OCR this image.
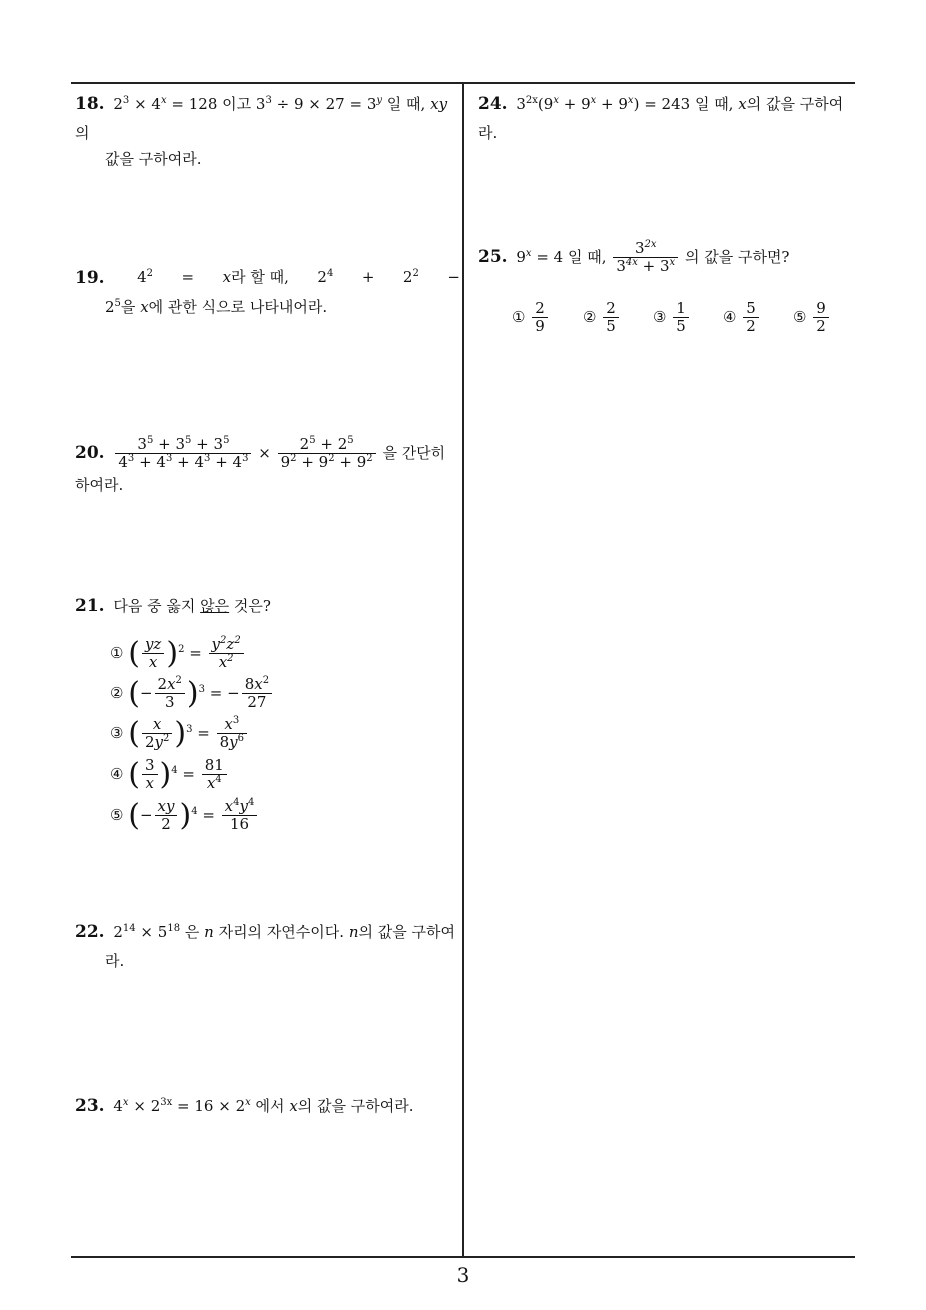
18. $2^3 \times 4^x = 128$ 이고 $3^3 \div 9 \times 27 = 3^y$ 일 때, xy 의
값을 구하여라.
19. $4^2 = x$라 할 때, $2^4 + 2^2$ −
$2^5$을 x에 관한 식으로 나타내어라.
20. $\frac{3^5 + 3^5 + 3^5}{4^3 + 4^3 + 4^3 + 4^3} \times \frac{2^5 + 2^5}{9^2 + 9^2 + 9^2}$ 을 간단히 하여라.
21. 다음 중 옳지 않은 것은?
① ( $\frac{yz}{x} )^2 = \frac{y^2z^2}{x^2}$
② (− $\frac{2x^2}{3} )^3$ = − $\frac{8x^2}{27}$
③ ( $\frac{x}{2y^2} )^3 = \frac{x^3}{8y^6}$
④ ( $\frac{3}{x} )^4 = \frac{81}{x^4}$
⑤ (− $\frac{xy}{2} )^4 = \frac{x^4y^4}{16}$
22. $2^{14} \times 5^{18}$ 은 n 자리의 자연수이다. n의 값을 구하여
라.
23. $4^x \times 2^{3x} = 16 \times 2^x$ 에서 x의 값을 구하여라.
24. $3^{2x}(9^x + 9^x + 9^x) = 243$ 일 때, x의 값을 구하여라.
25. $9^x = 4$ 일 때, $\frac{3^{2x}}{3^{4x} + 3^x}$ 의 값을 구하면?
① $\frac{2}{9}$ ② $\frac{2}{5}$ ③ $\frac{1}{5}$ ④ $\frac{5}{2}$ ⑤ $\frac{9}{2}$
3
